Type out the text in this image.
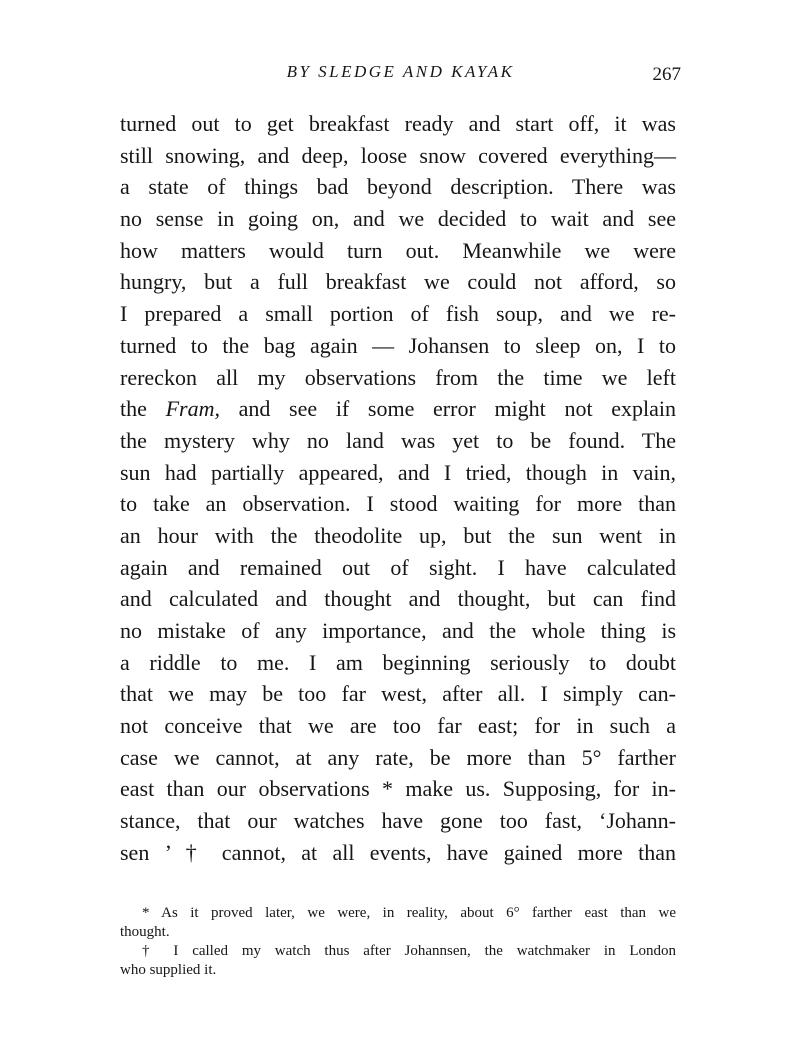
BY SLEDGE AND KAYAK	267
turned out to get breakfast ready and start off, it was
still snowing, and deep, loose snow covered everything—
a state of things bad beyond description. There was
no sense in going on, and we decided to wait and see
how matters would turn out. Meanwhile we were
hungry, but a full breakfast we could not afford, so
I prepared a small portion of fish soup, and we re-
turned to the bag again — Johansen to sleep on, I to
rereckon all my observations from the time we left
the Fram, and see if some error might not explain
the mystery why no land was yet to be found. The
sun had partially appeared, and I tried, though in vain,
to take an observation. I stood waiting for more than
an hour with the theodolite up, but the sun went in
again and remained out of sight. I have calculated
and calculated and thought and thought, but can find
no mistake of any importance, and the whole thing is
a riddle to me. I am beginning seriously to doubt
that we may be too far west, after all. I simply can-
not conceive that we are too far east; for in such a
case we cannot, at any rate, be more than 5° farther
east than our observations * make us. Supposing, for in-
stance, that our watches have gone too fast, ‘Johann-
sen ’ † cannot, at all events, have gained more than
* As it proved later, we were, in reality, about 6° farther east than we
thought.
† I called my watch thus after Johannsen, the watchmaker in London
who supplied it.
